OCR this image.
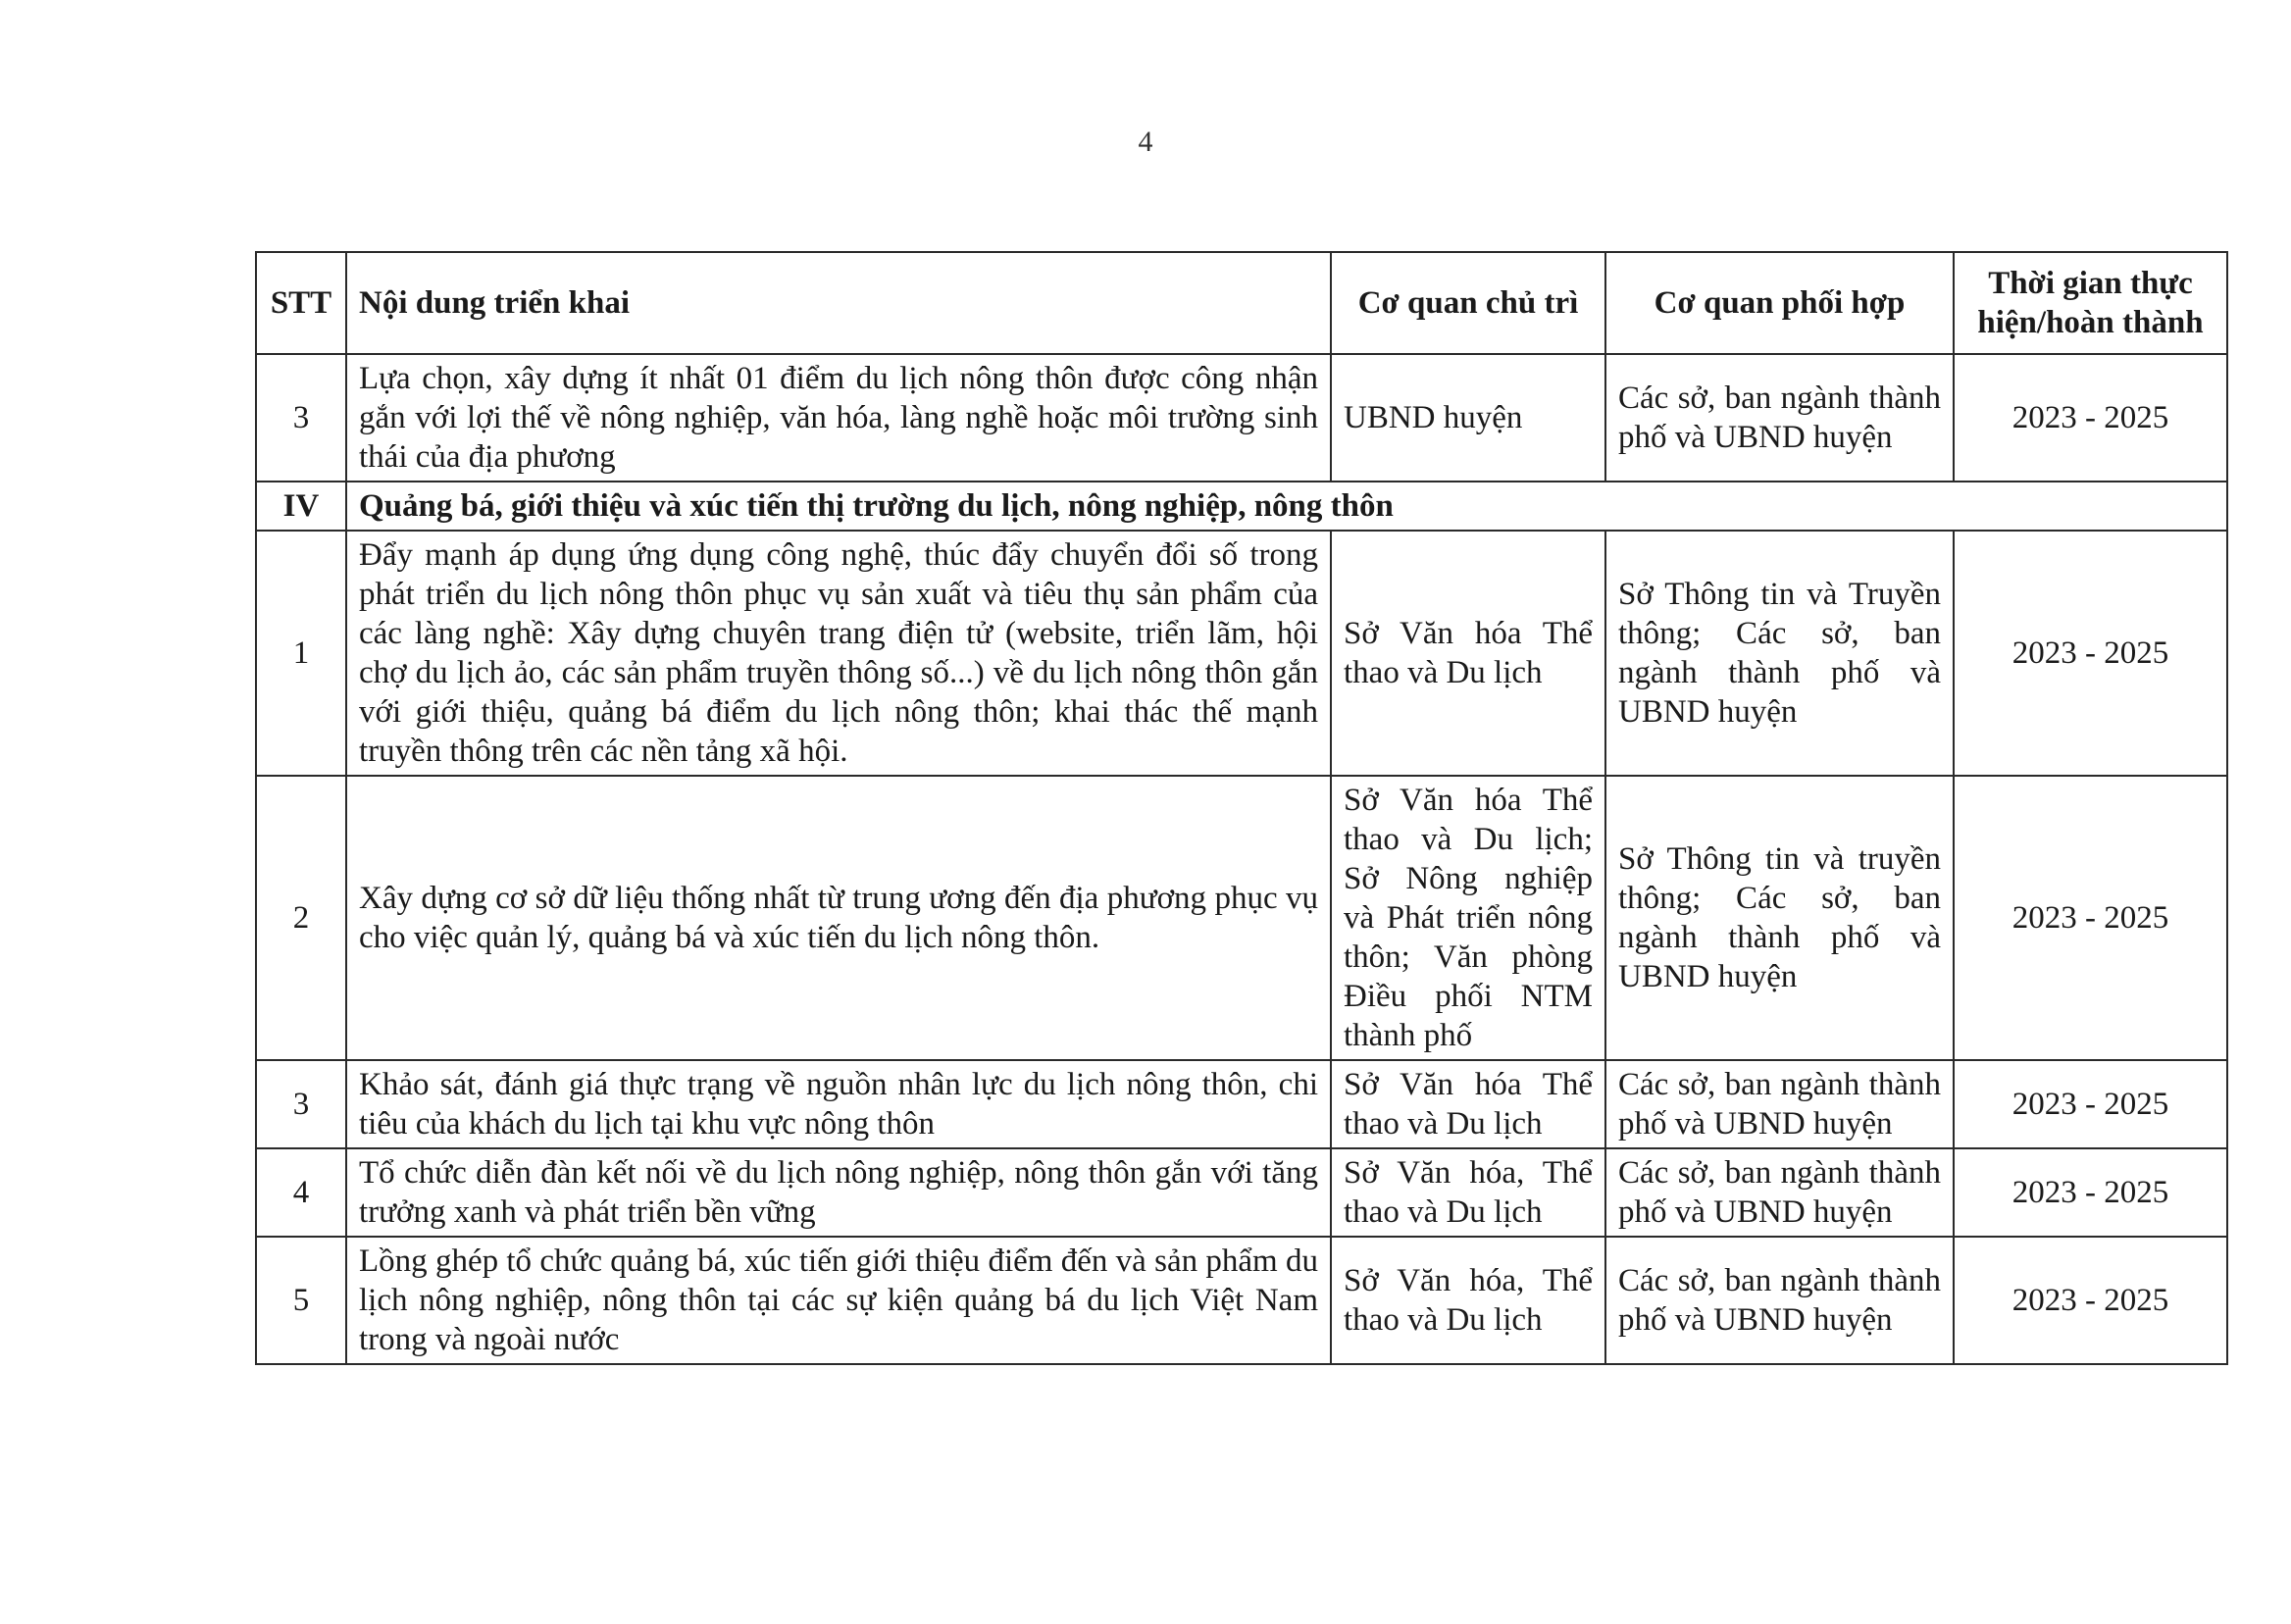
4
STT	Nội dung triển khai	Cơ quan chủ trì	Cơ quan phối hợp	Thời gian thực hiện/hoàn thành
3	Lựa chọn, xây dựng ít nhất 01 điểm du lịch nông thôn được công nhận gắn với lợi thế về nông nghiệp, văn hóa, làng nghề hoặc môi trường sinh thái của địa phương	UBND huyện	Các sở, ban ngành thành phố và UBND huyện	2023 - 2025
IV	Quảng bá, giới thiệu và xúc tiến thị trường du lịch, nông nghiệp, nông thôn			
1	Đẩy mạnh áp dụng ứng dụng công nghệ, thúc đẩy chuyển đổi số trong phát triển du lịch nông thôn phục vụ sản xuất và tiêu thụ sản phẩm của các làng nghề: Xây dựng chuyên trang điện tử (website, triển lãm, hội chợ du lịch ảo, các sản phẩm truyền thông số...) về du lịch nông thôn gắn với giới thiệu, quảng bá điểm du lịch nông thôn; khai thác thế mạnh truyền thông trên các nền tảng xã hội.	Sở Văn hóa Thể thao và Du lịch	Sở Thông tin và Truyền thông; Các sở, ban ngành thành phố và UBND huyện	2023 - 2025
2	Xây dựng cơ sở dữ liệu thống nhất từ trung ương đến địa phương phục vụ cho việc quản lý, quảng bá và xúc tiến du lịch nông thôn.	Sở Văn hóa Thể thao và Du lịch; Sở Nông nghiệp và Phát triển nông thôn; Văn phòng Điều phối NTM thành phố	Sở Thông tin và truyền thông; Các sở, ban ngành thành phố và UBND huyện	2023 - 2025
3	Khảo sát, đánh giá thực trạng về nguồn nhân lực du lịch nông thôn, chi tiêu của khách du lịch tại khu vực nông thôn	Sở Văn hóa Thể thao và Du lịch	Các sở, ban ngành thành phố và UBND huyện	2023 - 2025
4	Tổ chức diễn đàn kết nối về du lịch nông nghiệp, nông thôn gắn với tăng trưởng xanh và phát triển bền vững	Sở Văn hóa, Thể thao và Du lịch	Các sở, ban ngành thành phố và UBND huyện	2023 - 2025
5	Lồng ghép tổ chức quảng bá, xúc tiến giới thiệu điểm đến và sản phẩm du lịch nông nghiệp, nông thôn tại các sự kiện quảng bá du lịch Việt Nam trong và ngoài nước	Sở Văn hóa, Thể thao và Du lịch	Các sở, ban ngành thành phố và UBND huyện	2023 - 2025
